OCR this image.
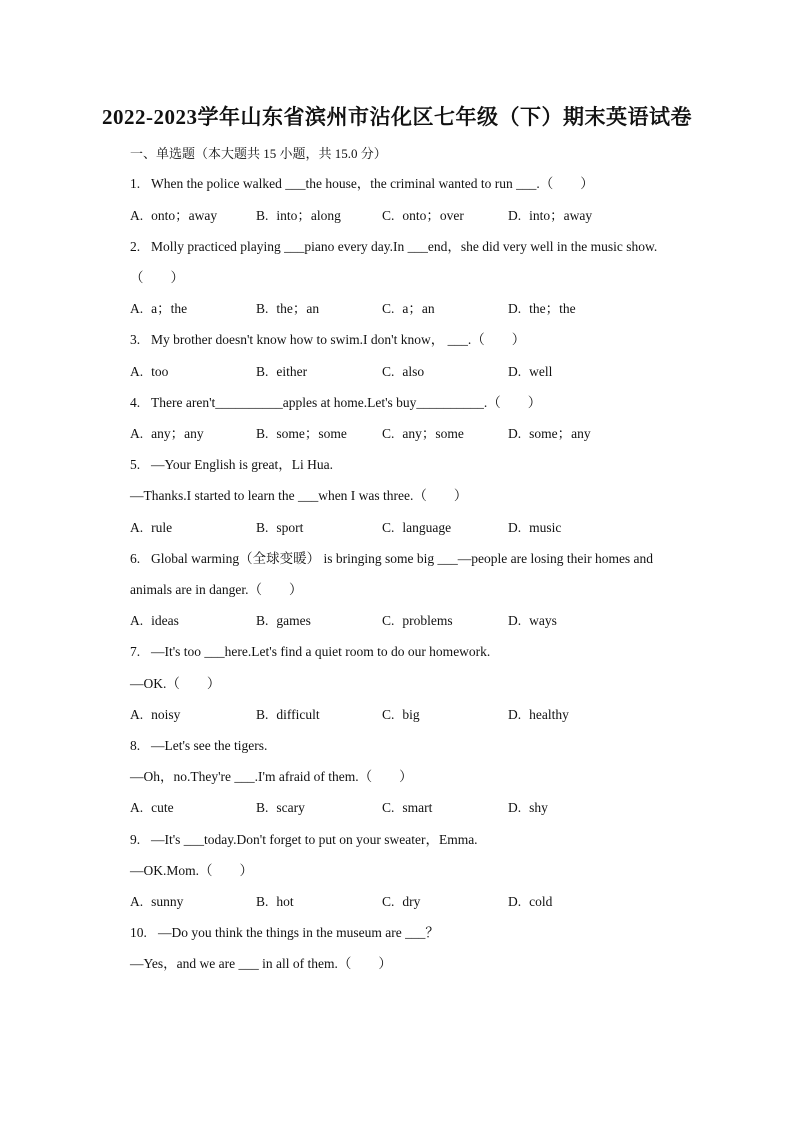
2022-2023学年山东省滨州市沾化区七年级（下）期末英语试卷
一、单选题（本大题共 15 小题，共 15.0 分）
1. When the police walked ___the house，the criminal wanted to run ___.（　　）
A. onto；away	B. into；along	C. onto；over	D. into；away
2. Molly practiced playing ___piano every day.In ___end，she did very well in the music show.
（　　）
A. a；the	B. the；an	C. a；an	D. the；the
3. My brother doesn't know how to swim.I don't know， ___.（　　）
A. too	B. either	C. also	D. well
4. There aren't__________apples at home.Let's buy__________.（　　）
A. any；any	B. some；some	C. any；some	D. some；any
5. —Your English is great，Li Hua.
—Thanks.I started to learn the ___when I was three.（　　）
A. rule	B. sport	C. language	D. music
6. Global warming（全球变暖） is bringing some big ___—people are losing their homes and
animals are in danger.（　　）
A. ideas	B. games	C. problems	D. ways
7. —It's too ___here.Let's find a quiet room to do our homework.
—OK.（　　）
A. noisy	B. difficult	C. big	D. healthy
8. —Let's see the tigers.
—Oh，no.They're ___.I'm afraid of them.（　　）
A. cute	B. scary	C. smart	D. shy
9. —It's ___today.Don't forget to put on your sweater，Emma.
—OK.Mom.（　　）
A. sunny	B. hot	C. dry	D. cold
10. —Do you think the things in the museum are ___？
—Yes，and we are ___ in all of them.（　　）
